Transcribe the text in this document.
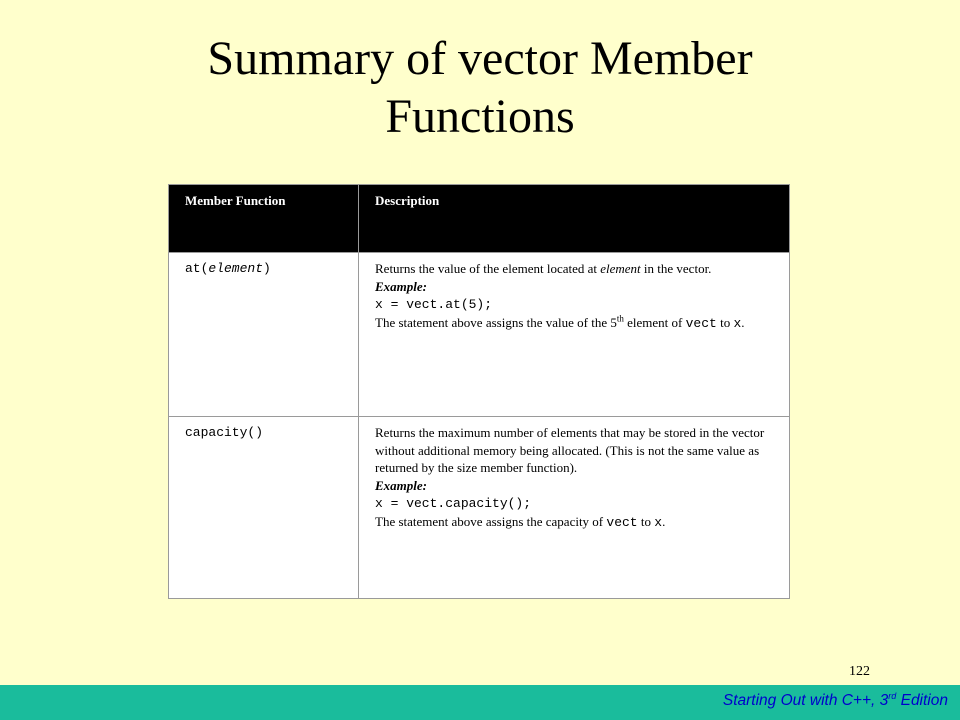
Summary of vector Member
Functions
Member Function	Description

at(element)	Returns the value of the element located at element in the vector.
Example:
x = vect.at(5);
The statement above assigns the value of the 5th element of vect to x.

capacity()	Returns the maximum number of elements that may be stored in the vector without additional memory being allocated. (This is not the same value as returned by the size member function).
Example:
x = vect.capacity();
The statement above assigns the capacity of vect to x.
122
Starting Out with C++, 3rd Edition
